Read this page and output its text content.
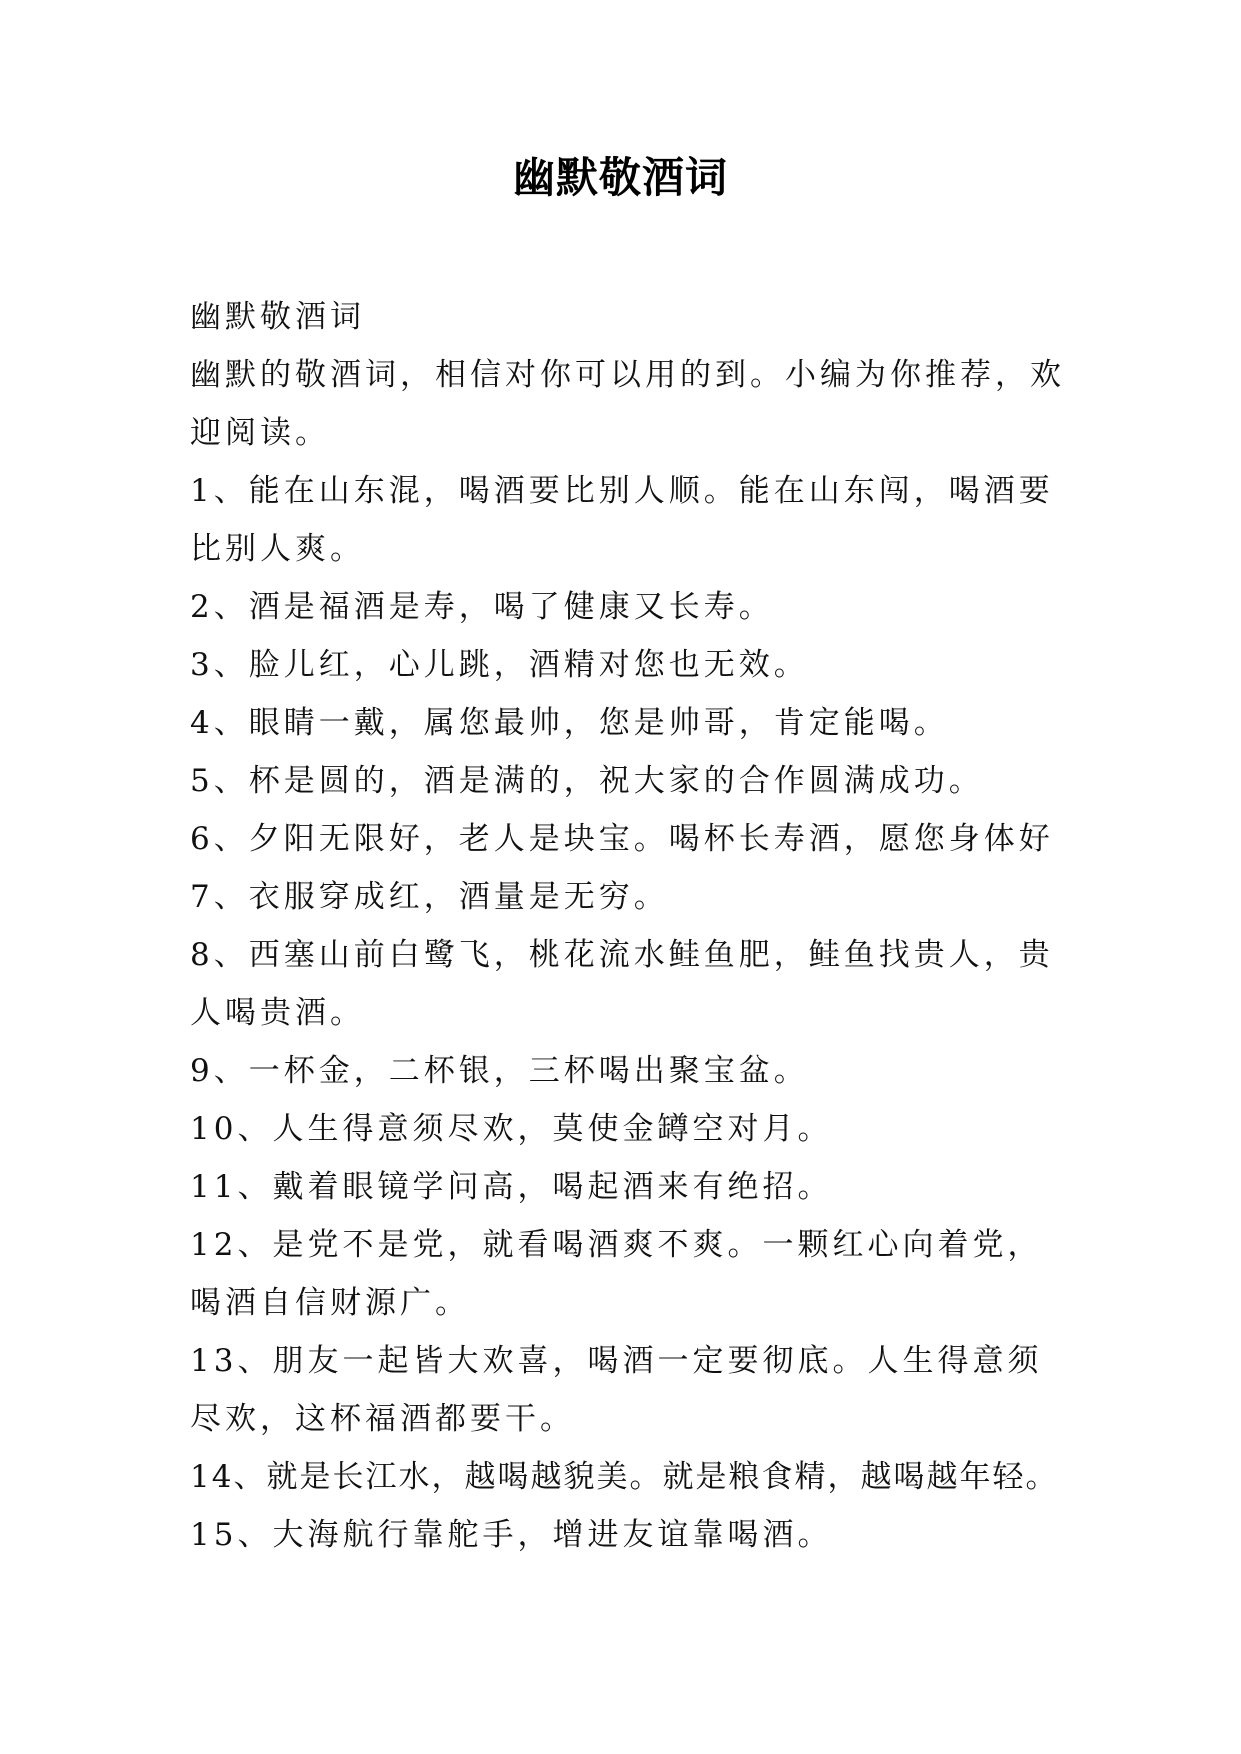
幽默敬酒词

幽默敬酒词

幽默的敬酒词，相信对你可以用的到。小编为你推荐，欢迎阅读。

1、能在山东混，喝酒要比别人顺。能在山东闯，喝酒要比别人爽。

2、酒是福酒是寿，喝了健康又长寿。

3、脸儿红，心儿跳，酒精对您也无效。

4、眼睛一戴，属您最帅，您是帅哥，肯定能喝。

5、杯是圆的，酒是满的，祝大家的合作圆满成功。

6、夕阳无限好，老人是块宝。喝杯长寿酒，愿您身体好

7、衣服穿成红，酒量是无穷。

8、西塞山前白鹭飞，桃花流水鲑鱼肥，鲑鱼找贵人，贵人喝贵酒。

9、一杯金，二杯银，三杯喝出聚宝盆。

10、人生得意须尽欢，莫使金罇空对月。

11、戴着眼镜学问高，喝起酒来有绝招。

12、是党不是党，就看喝酒爽不爽。一颗红心向着党，喝酒自信财源广。

13、朋友一起皆大欢喜，喝酒一定要彻底。人生得意须尽欢，这杯福酒都要干。

14、就是长江水，越喝越貌美。就是粮食精，越喝越年轻。

15、大海航行靠舵手，增进友谊靠喝酒。
